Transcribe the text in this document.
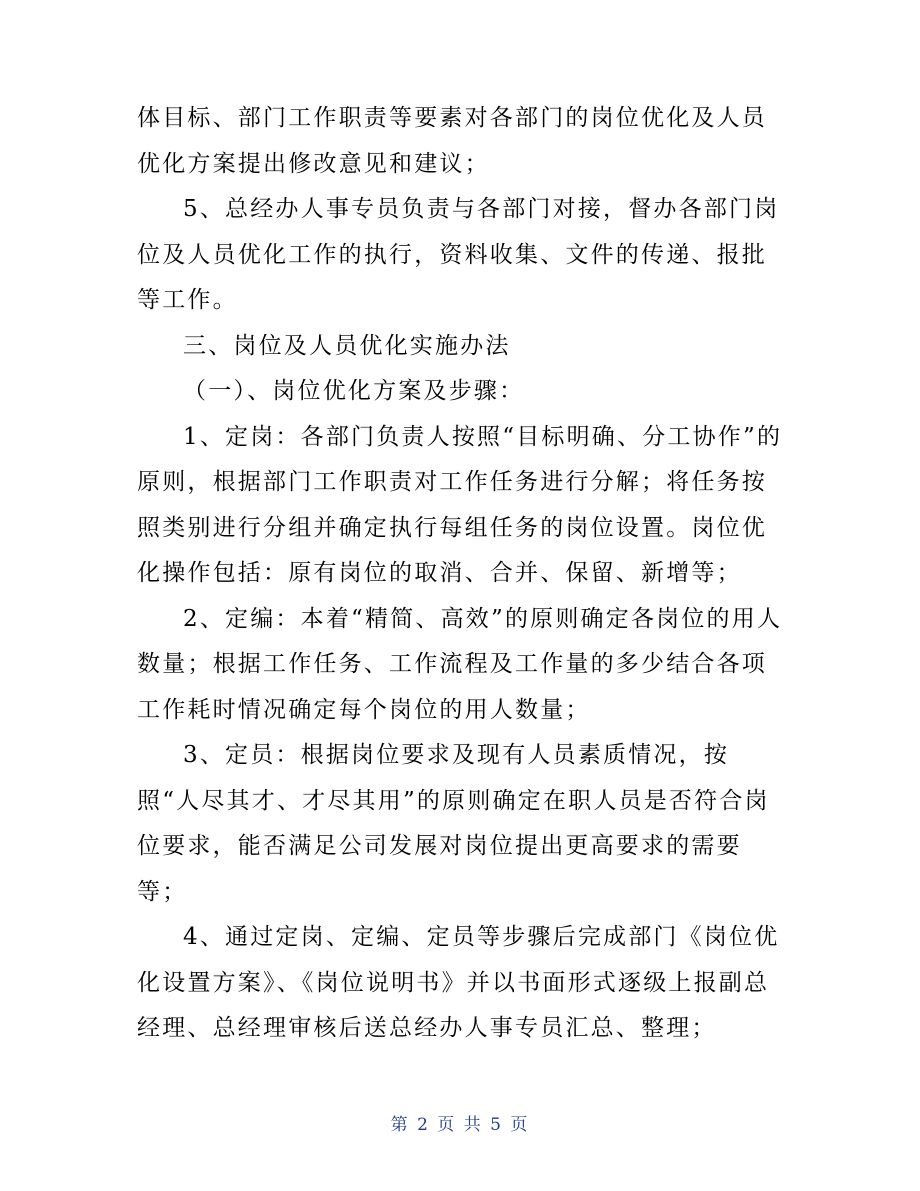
体目标、部门工作职责等要素对各部门的岗位优化及人员优化方案提出修改意见和建议；

5、总经办人事专员负责与各部门对接，督办各部门岗位及人员优化工作的执行，资料收集、文件的传递、报批等工作。

三、岗位及人员优化实施办法

（一）、岗位优化方案及步骤：

1、定岗：各部门负责人按照“目标明确、分工协作”的原则，根据部门工作职责对工作任务进行分解；将任务按照类别进行分组并确定执行每组任务的岗位设置。岗位优化操作包括：原有岗位的取消、合并、保留、新增等；

2、定编：本着“精简、高效”的原则确定各岗位的用人数量；根据工作任务、工作流程及工作量的多少结合各项工作耗时情况确定每个岗位的用人数量；

3、定员：根据岗位要求及现有人员素质情况，按照“人尽其才、才尽其用”的原则确定在职人员是否符合岗位要求，能否满足公司发展对岗位提出更高要求的需要等；

4、通过定岗、定编、定员等步骤后完成部门《岗位优化设置方案》、《岗位说明书》并以书面形式逐级上报副总经理、总经理审核后送总经办人事专员汇总、整理；

第 2 页 共 5 页
